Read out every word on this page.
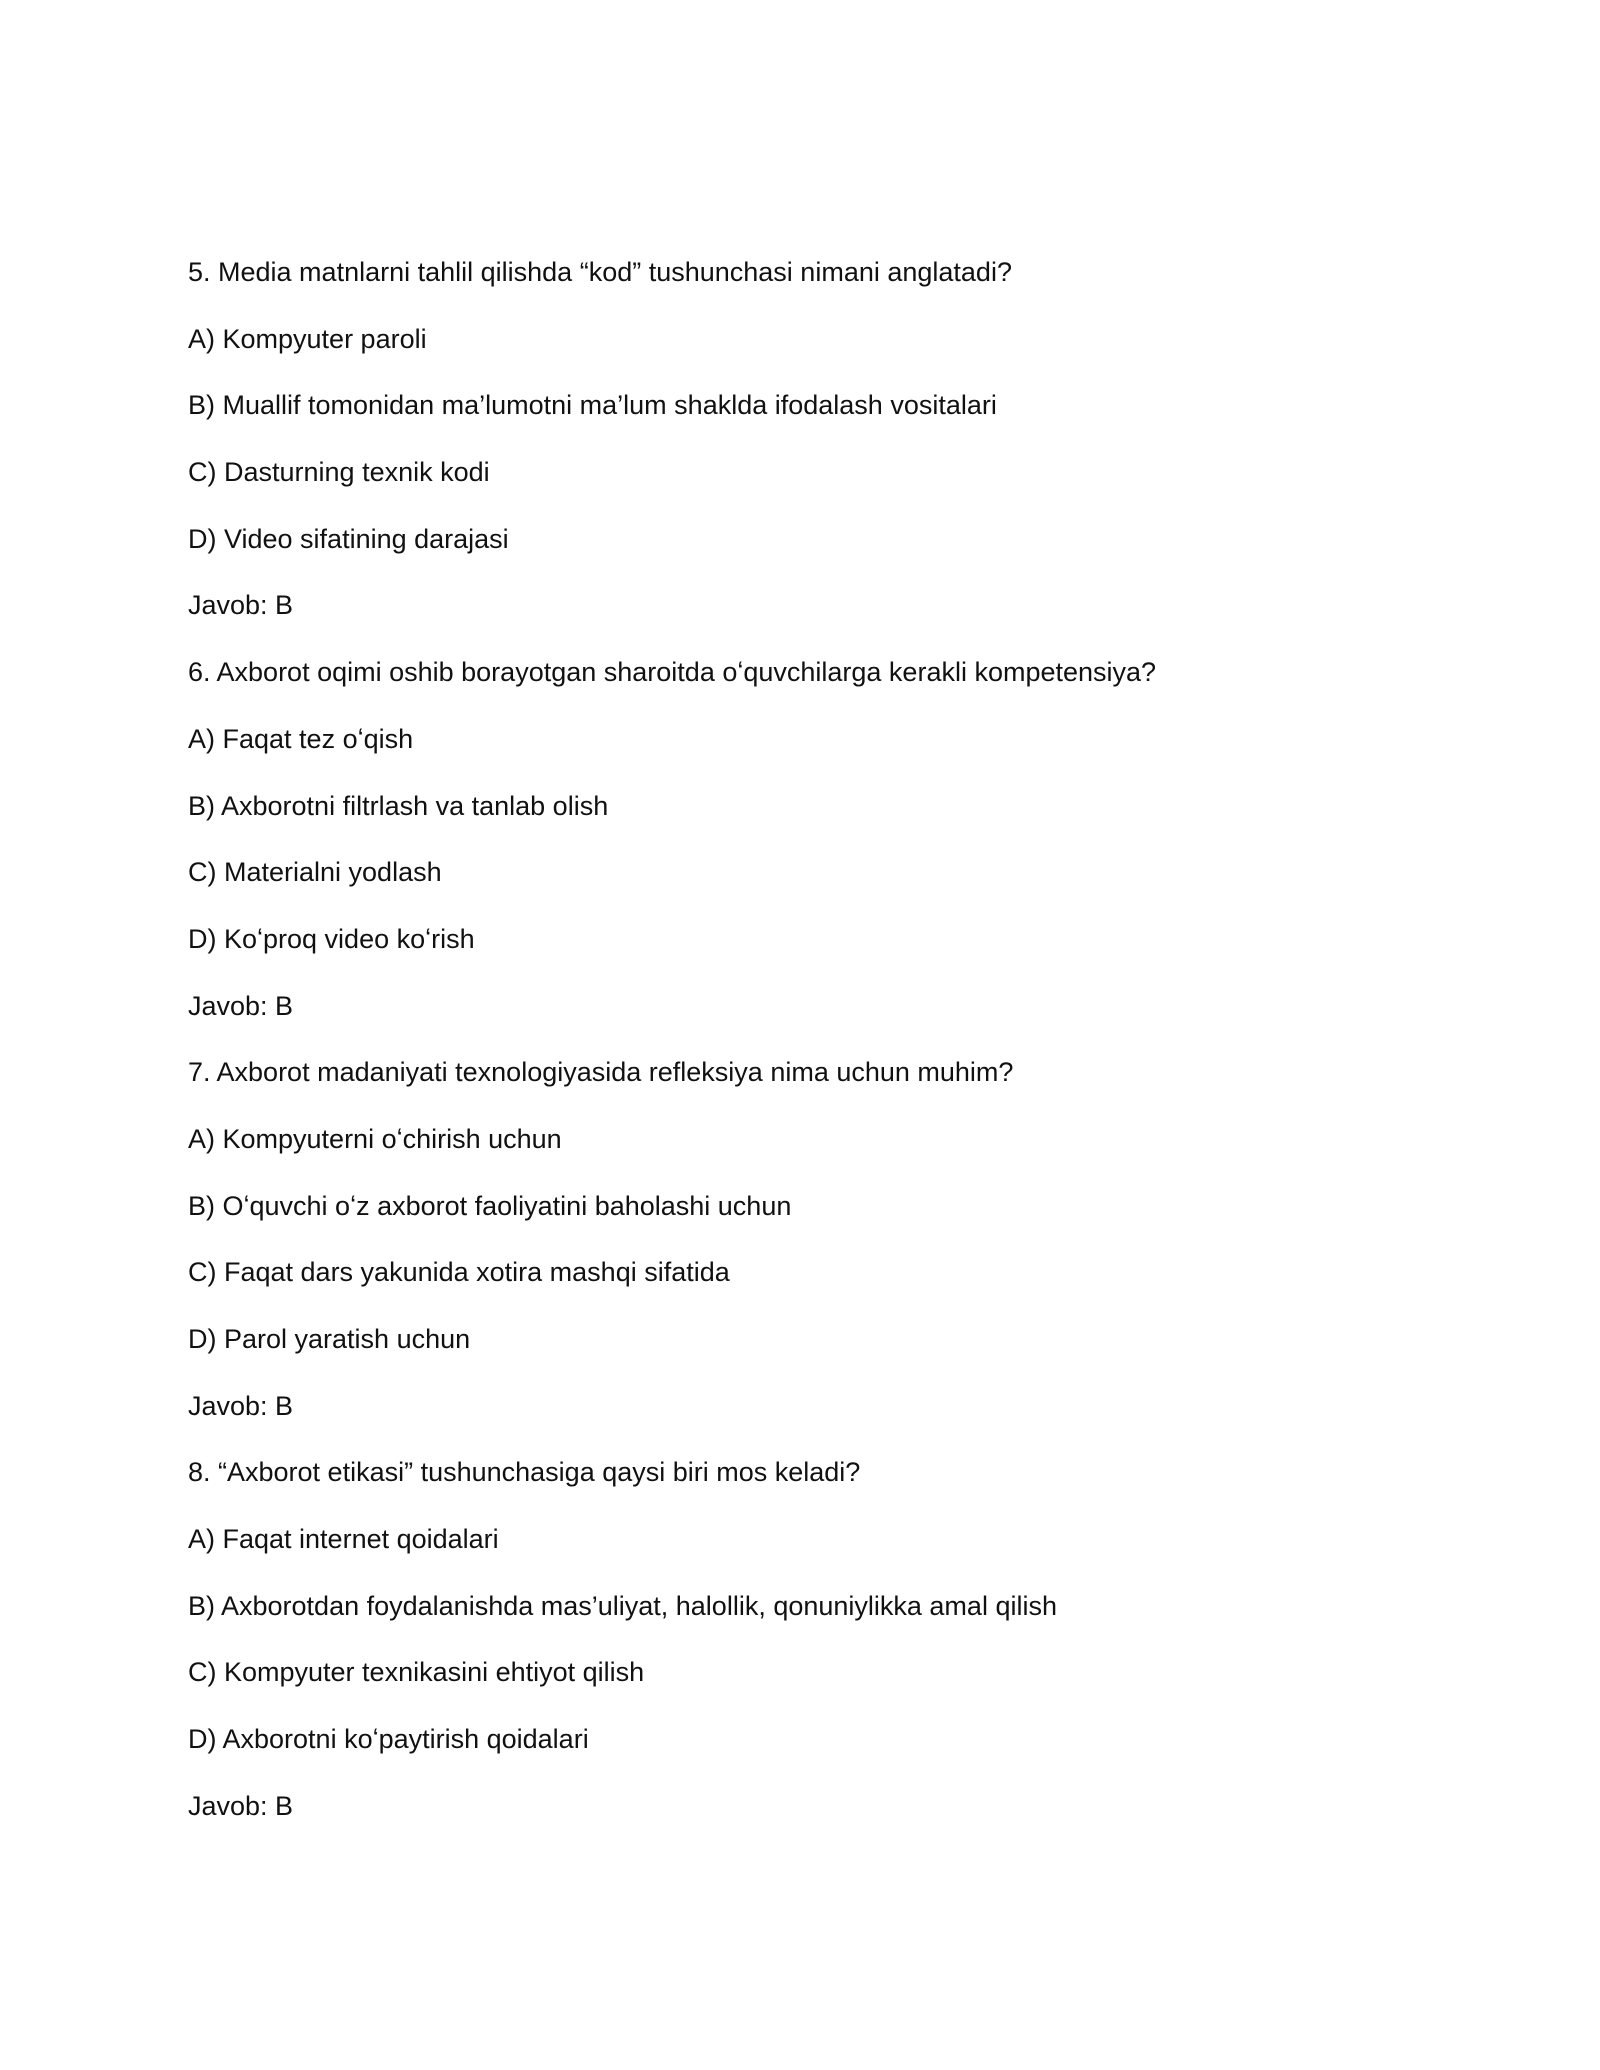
5. Media matnlarni tahlil qilishda “kod” tushunchasi nimani anglatadi?
A) Kompyuter paroli
B) Muallif tomonidan ma’lumotni ma’lum shaklda ifodalash vositalari
C) Dasturning texnik kodi
D) Video sifatining darajasi
Javob: B
6. Axborot oqimi oshib borayotgan sharoitda oʻquvchilarga kerakli kompetensiya?
A) Faqat tez oʻqish
B) Axborotni filtrlash va tanlab olish
C) Materialni yodlash
D) Koʻproq video koʻrish
Javob: B
7. Axborot madaniyati texnologiyasida refleksiya nima uchun muhim?
A) Kompyuterni oʻchirish uchun
B) Oʻquvchi oʻz axborot faoliyatini baholashi uchun
C) Faqat dars yakunida xotira mashqi sifatida
D) Parol yaratish uchun
Javob: B
8. “Axborot etikasi” tushunchasiga qaysi biri mos keladi?
A) Faqat internet qoidalari
B) Axborotdan foydalanishda mas’uliyat, halollik, qonuniylikka amal qilish
C) Kompyuter texnikasini ehtiyot qilish
D) Axborotni koʻpaytirish qoidalari
Javob: B
